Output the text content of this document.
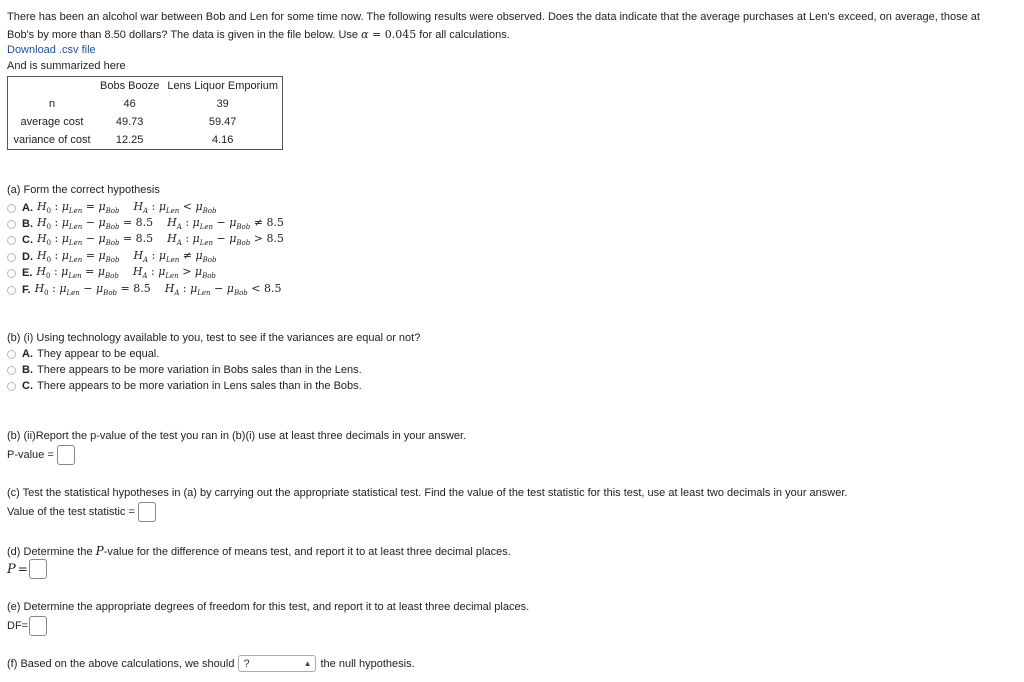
There has been an alcohol war between Bob and Len for some time now. The following results were observed. Does the data indicate that the average purchases at Len's exceed, on average, those at Bob's by more than 8.50 dollars? The data is given in the file below. Use α = 0.045 for all calculations.
Download .csv file
And is summarized here
	Bobs Booze	Lens Liquor Emporium
n	46	39
average cost	49.73	59.47
variance of cost	12.25	4.16
(a) Form the correct hypothesis
A. $H_0$ : $\mu_{Len} = \mu_{Bob}$ $H_A$ : $\mu_{Len} < \mu_{Bob}$
B. $H_0$ : $\mu_{Len} - \mu_{Bob} = 8.5$ $H_A$ : $\mu_{Len} - \mu_{Bob} \ne 8.5$
C. $H_0$ : $\mu_{Len} - \mu_{Bob} = 8.5$ $H_A$ : $\mu_{Len} - \mu_{Bob} > 8.5$
D. $H_0$ : $\mu_{Len} = \mu_{Bob}$ $H_A$ : $\mu_{Len} \ne \mu_{Bob}$
E. $H_0$ : $\mu_{Len} = \mu_{Bob}$ $H_A$ : $\mu_{Len} > \mu_{Bob}$
F. $H_0$ : $\mu_{Len} - \mu_{Bob} = 8.5$ $H_A$ : $\mu_{Len} - \mu_{Bob} < 8.5$
(b) (i) Using technology available to you, test to see if the variances are equal or not?
A. They appear to be equal.
B. There appears to be more variation in Bobs sales than in the Lens.
C. There appears to be more variation in Lens sales than in the Bobs.
(b) (ii)Report the p-value of the test you ran in (b)(i) use at least three decimals in your answer.
P-value =
(c) Test the statistical hypotheses in (a) by carrying out the appropriate statistical test. Find the value of the test statistic for this test, use at least two decimals in your answer.
Value of the test statistic =
(d) Determine the P-value for the difference of means test, and report it to at least three decimal places.
P =
(e) Determine the appropriate degrees of freedom for this test, and report it to at least three decimal places.
DF=
(f) Based on the above calculations, we should ?	▲ the null hypothesis.
